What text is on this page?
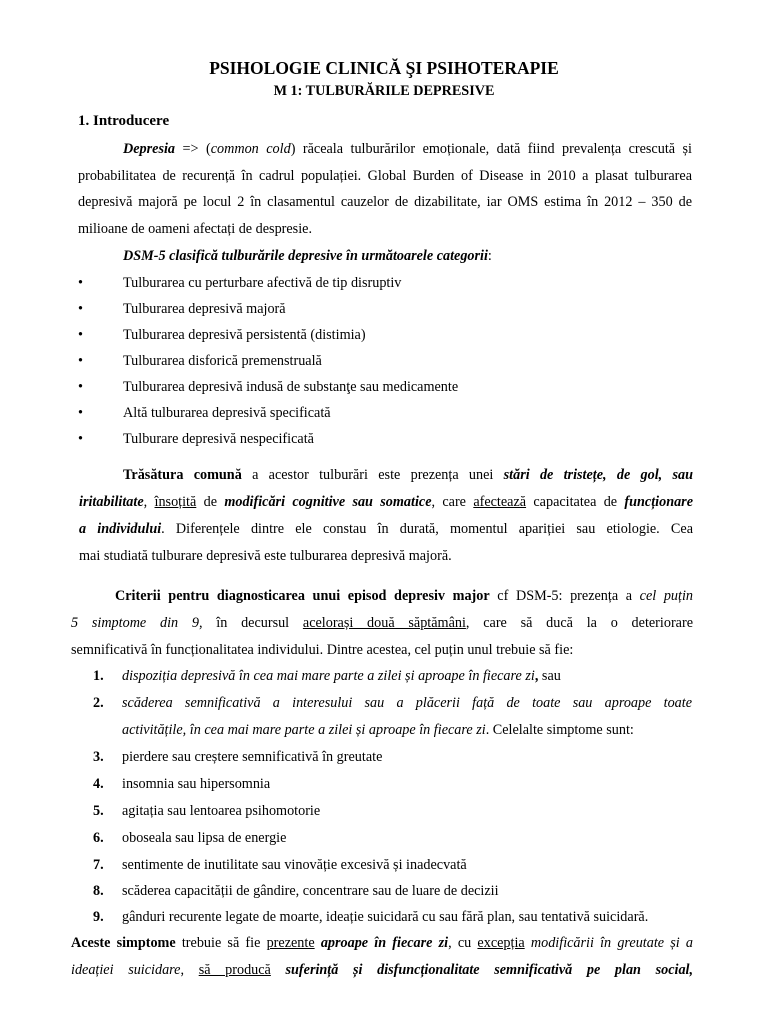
PSIHOLOGIE CLINICĂ ŞI PSIHOTERAPIE
M 1: TULBURĂRILE DEPRESIVE
1. Introducere

Depresia => (common cold) răceala tulburărilor emoționale, dată fiind prevalența crescută și

probabilitatea de recurență în cadrul populației. Global Burden of Disease in 2010 a plasat tulburarea

depresivă majoră pe locul 2 în clasamentul cauzelor de dizabilitate, iar OMS estima în 2012 – 350 de

milioane de oameni afectați de despresie.

DSM-5 clasifică tulburările depresive în următoarele categorii:
•	Tulburarea cu perturbare afectivă de tip disruptiv
•	Tulburarea depresivă majoră
•	Tulburarea depresivă persistentă (distimia)
•	Tulburarea disforică premenstruală
•	Tulburarea depresivă indusă de substanţe sau medicamente
•	Altă tulburarea depresivă specificată
•	Tulburare depresivă nespecificată

Trăsătura comună a acestor tulburări este prezența unei stări de tristețe, de gol, sau

iritabilitate, însoțită de modificări cognitive sau somatice, care afectează capacitatea de funcționare

a individului. Diferențele dintre ele constau în durată, momentul apariției sau etiologie. Cea

mai studiată tulburare depresivă este tulburarea depresivă majoră.

Criterii pentru diagnosticarea unui episod depresiv major cf DSM-5: prezența a cel puțin

5 simptome din 9, în decursul acelorași două săptămâni, care să ducă la o deteriorare

semnificativă în funcționalitatea individului. Dintre acestea, cel puțin unul trebuie să fie:

1. dispoziția depresivă în cea mai mare parte a zilei și aproape în fiecare zi, sau
2. scăderea semnificativă a interesului sau a plăcerii față de toate sau aproape toate
activitățile, în cea mai mare parte a zilei și aproape în fiecare zi. Celelalte simptome sunt:
3. pierdere sau creștere semnificativă în greutate
4. insomnia sau hipersomnia
5. agitația sau lentoarea psihomotorie
6. oboseala sau lipsa de energie
7. sentimente de inutilitate sau vinovăție excesivă și inadecvată
8. scăderea capacității de gândire, concentrare sau de luare de decizii
9. gânduri recurente legate de moarte, ideație suicidară cu sau fără plan, sau tentativă suicidară.

Aceste simptome trebuie să fie prezente aproape în fiecare zi, cu excepția modificării în greutate și a

ideației suicidare, să producă suferință și disfuncționalitate semnificativă pe plan social,
